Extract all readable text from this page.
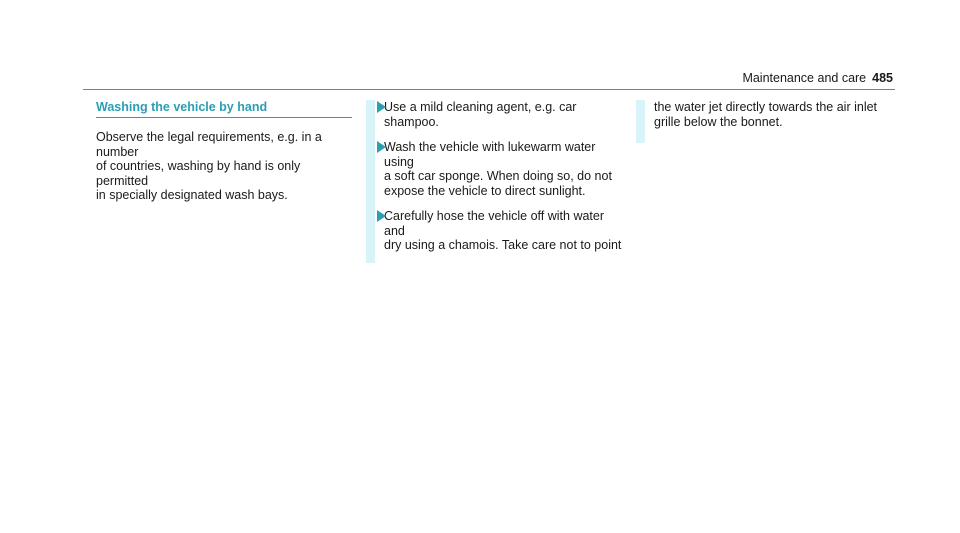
Maintenance and care 485
Washing the vehicle by hand

Observe the legal requirements, e.g. in a number
of countries, washing by hand is only permitted
in specially designated wash bays.

Use a mild cleaning agent, e.g. car shampoo.

Wash the vehicle with lukewarm water using
a soft car sponge. When doing so, do not
expose the vehicle to direct sunlight.

Carefully hose the vehicle off with water and
dry using a chamois. Take care not to point

the water jet directly towards the air inlet
grille below the bonnet.
